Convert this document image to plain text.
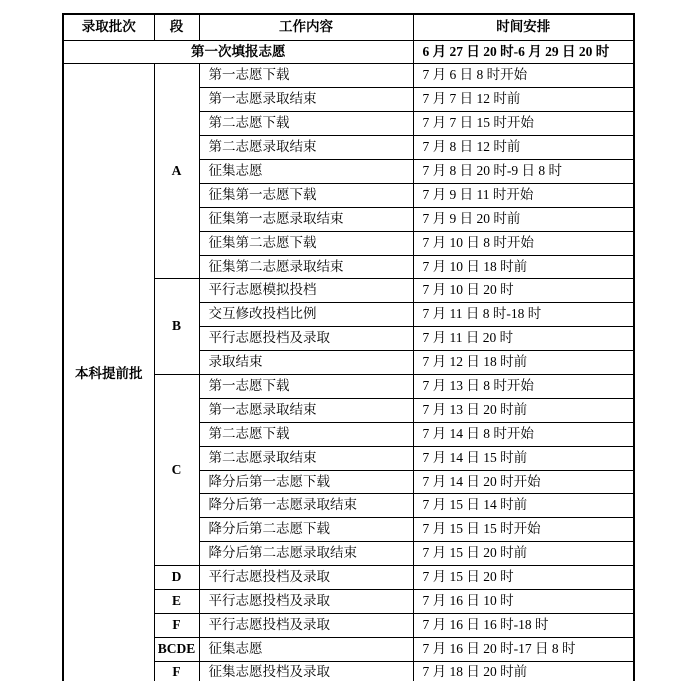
录取批次	段	工作内容	时间安排
第一次填报志愿			6 月 27 日 20 时-6 月 29 日 20 时
本科提前批	A	第一志愿下载	7 月 6 日 8 时开始
		第一志愿录取结束	7 月 7 日 12 时前
		第二志愿下载	7 月 7 日 15 时开始
		第二志愿录取结束	7 月 8 日 12 时前
		征集志愿	7 月 8 日 20 时-9 日 8 时
		征集第一志愿下载	7 月 9 日 11 时开始
		征集第一志愿录取结束	7 月 9 日 20 时前
		征集第二志愿下载	7 月 10 日 8 时开始
		征集第二志愿录取结束	7 月 10 日 18 时前
	B	平行志愿模拟投档	7 月 10 日 20 时
		交互修改投档比例	7 月 11 日 8 时-18 时
		平行志愿投档及录取	7 月 11 日 20 时
		录取结束	7 月 12 日 18 时前
	C	第一志愿下载	7 月 13 日 8 时开始
		第一志愿录取结束	7 月 13 日 20 时前
		第二志愿下载	7 月 14 日 8 时开始
		第二志愿录取结束	7 月 14 日 15 时前
		降分后第一志愿下载	7 月 14 日 20 时开始
		降分后第一志愿录取结束	7 月 15 日 14 时前
		降分后第二志愿下载	7 月 15 日 15 时开始
		降分后第二志愿录取结束	7 月 15 日 20 时前
	D	平行志愿投档及录取	7 月 15 日 20 时
	E	平行志愿投档及录取	7 月 16 日 10 时
	F	平行志愿投档及录取	7 月 16 日 16 时-18 时
	BCDE	征集志愿	7 月 16 日 20 时-17 日 8 时
	F	征集志愿投档及录取	7 月 18 日 20 时前
